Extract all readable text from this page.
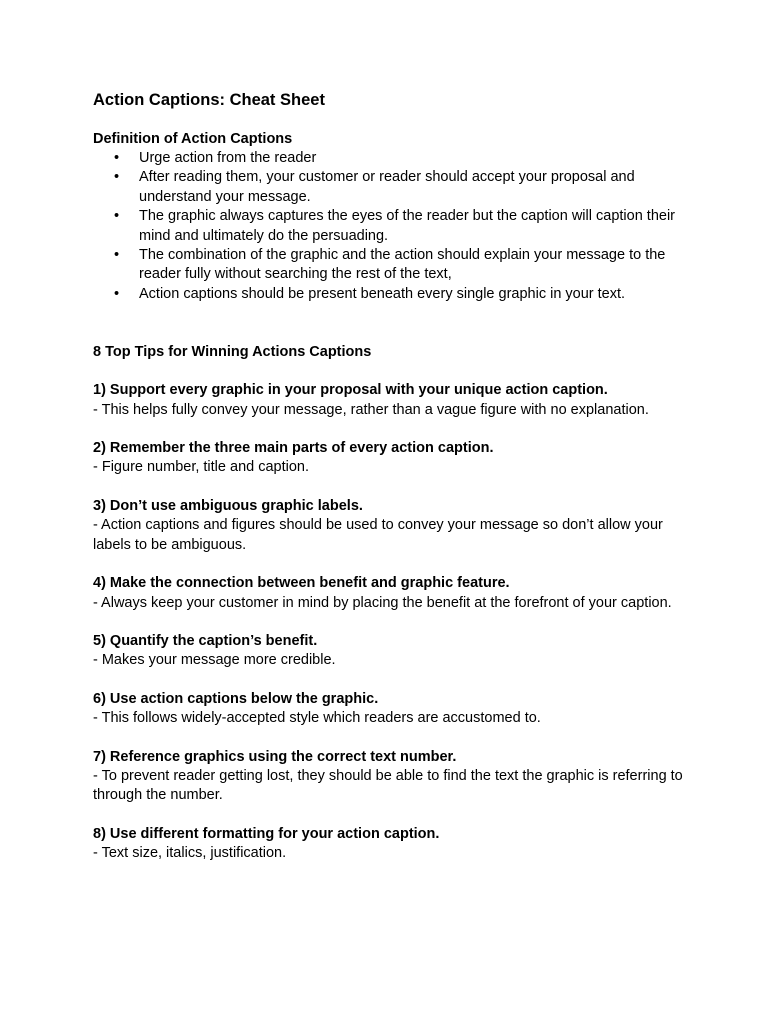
Action Captions: Cheat Sheet
Definition of Action Captions
• Urge action from the reader
• After reading them, your customer or reader should accept your proposal and understand your message.
• The graphic always captures the eyes of the reader but the caption will caption their mind and ultimately do the persuading.
• The combination of the graphic and the action should explain your message to the reader fully without searching the rest of the text,
• Action captions should be present beneath every single graphic in your text.
8 Top Tips for Winning Actions Captions

1) Support every graphic in your proposal with your unique action caption.

- This helps fully convey your message, rather than a vague figure with no explanation.

2) Remember the three main parts of every action caption.

- Figure number, title and caption.

3) Don’t use ambiguous graphic labels.

- Action captions and figures should be used to convey your message so don’t allow your labels to be ambiguous.

4) Make the connection between benefit and graphic feature.

- Always keep your customer in mind by placing the benefit at the forefront of your caption.

5) Quantify the caption’s benefit.

- Makes your message more credible.

6) Use action captions below the graphic.

- This follows widely-accepted style which readers are accustomed to.

7) Reference graphics using the correct text number.

- To prevent reader getting lost, they should be able to find the text the graphic is referring to through the number.

8) Use different formatting for your action caption.

- Text size, italics, justification.
